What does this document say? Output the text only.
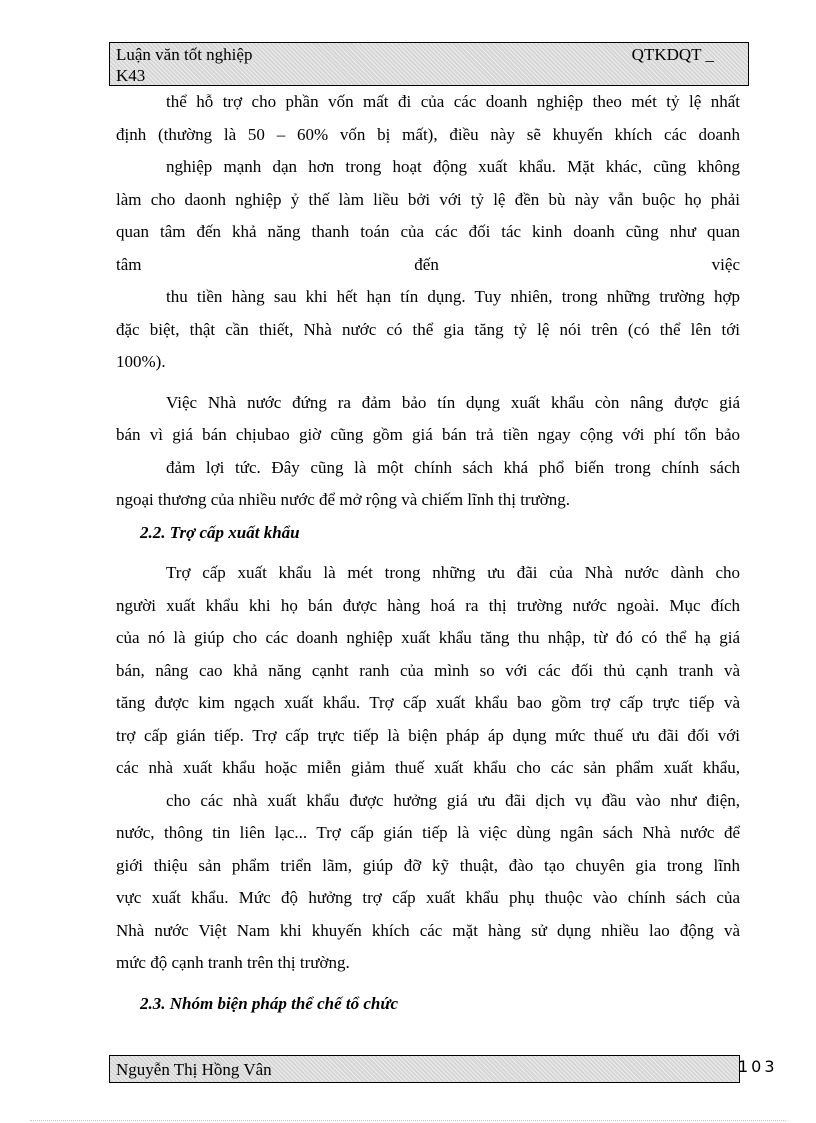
Luận văn tốt nghiệp	QTKDQT _
K43
thể hỗ trợ cho phần vốn mất đi của các doanh nghiệp theo mét tỷ lệ nhất
định (thường là 50 – 60% vốn bị mất), điều này sẽ khuyến khích các doanh
nghiệp mạnh dạn hơn trong hoạt động xuất khẩu. Mặt khác, cũng không
làm cho daonh nghiệp ỷ thế làm liều bởi với tỷ lệ đền bù này vẫn buộc họ phải
quan tâm đến khả năng thanh toán của các đối tác kinh doanh cũng như quan
tâm đến việc
thu tiền hàng sau khi hết hạn tín dụng. Tuy nhiên, trong những trường hợp
đặc biệt, thật cần thiết, Nhà nước có thể gia tăng tỷ lệ nói trên (có thể lên tới
100%).
Việc Nhà nước đứng ra đảm bảo tín dụng xuất khẩu còn nâng được giá
bán vì giá bán chịubao giờ cũng gồm giá bán trả tiền ngay cộng với phí tổn bảo
đảm lợi tức. Đây cũng là một chính sách khá phổ biến trong chính sách
ngoại thương của nhiều nước để mở rộng và chiếm lĩnh thị trường.
2.2. Trợ cấp xuất khẩu
Trợ cấp xuất khẩu là mét trong những ưu đãi của Nhà nước dành cho
người xuất khẩu khi họ bán được hàng hoá ra thị trường nước ngoài. Mục đích
của nó là giúp cho các doanh nghiệp xuất khẩu tăng thu nhập, từ đó có thể hạ giá
bán, nâng cao khả năng cạnht ranh của mình so với các đối thủ cạnh tranh và
tăng được kim ngạch xuất khẩu. Trợ cấp xuất khẩu bao gồm trợ cấp trực tiếp và
trợ cấp gián tiếp. Trợ cấp trực tiếp là biện pháp áp dụng mức thuế ưu đãi đối với
các nhà xuất khẩu hoặc miễn giảm thuế xuất khẩu cho các sản phẩm xuất khẩu,
cho các nhà xuất khẩu được hưởng giá ưu đãi dịch vụ đầu vào như điện,
nước, thông tin liên lạc... Trợ cấp gián tiếp là việc dùng ngân sách Nhà nước để
giới thiệu sản phẩm triển lãm, giúp đỡ kỹ thuật, đào tạo chuyên gia trong lĩnh
vực xuất khẩu. Mức độ hưởng trợ cấp xuất khẩu phụ thuộc vào chính sách của
Nhà nước Việt Nam khi khuyến khích các mặt hàng sử dụng nhiều lao động và
mức độ cạnh tranh trên thị trường.
2.3. Nhóm biện pháp thể chế tổ chức
Nguyễn Thị Hồng Vân	103
